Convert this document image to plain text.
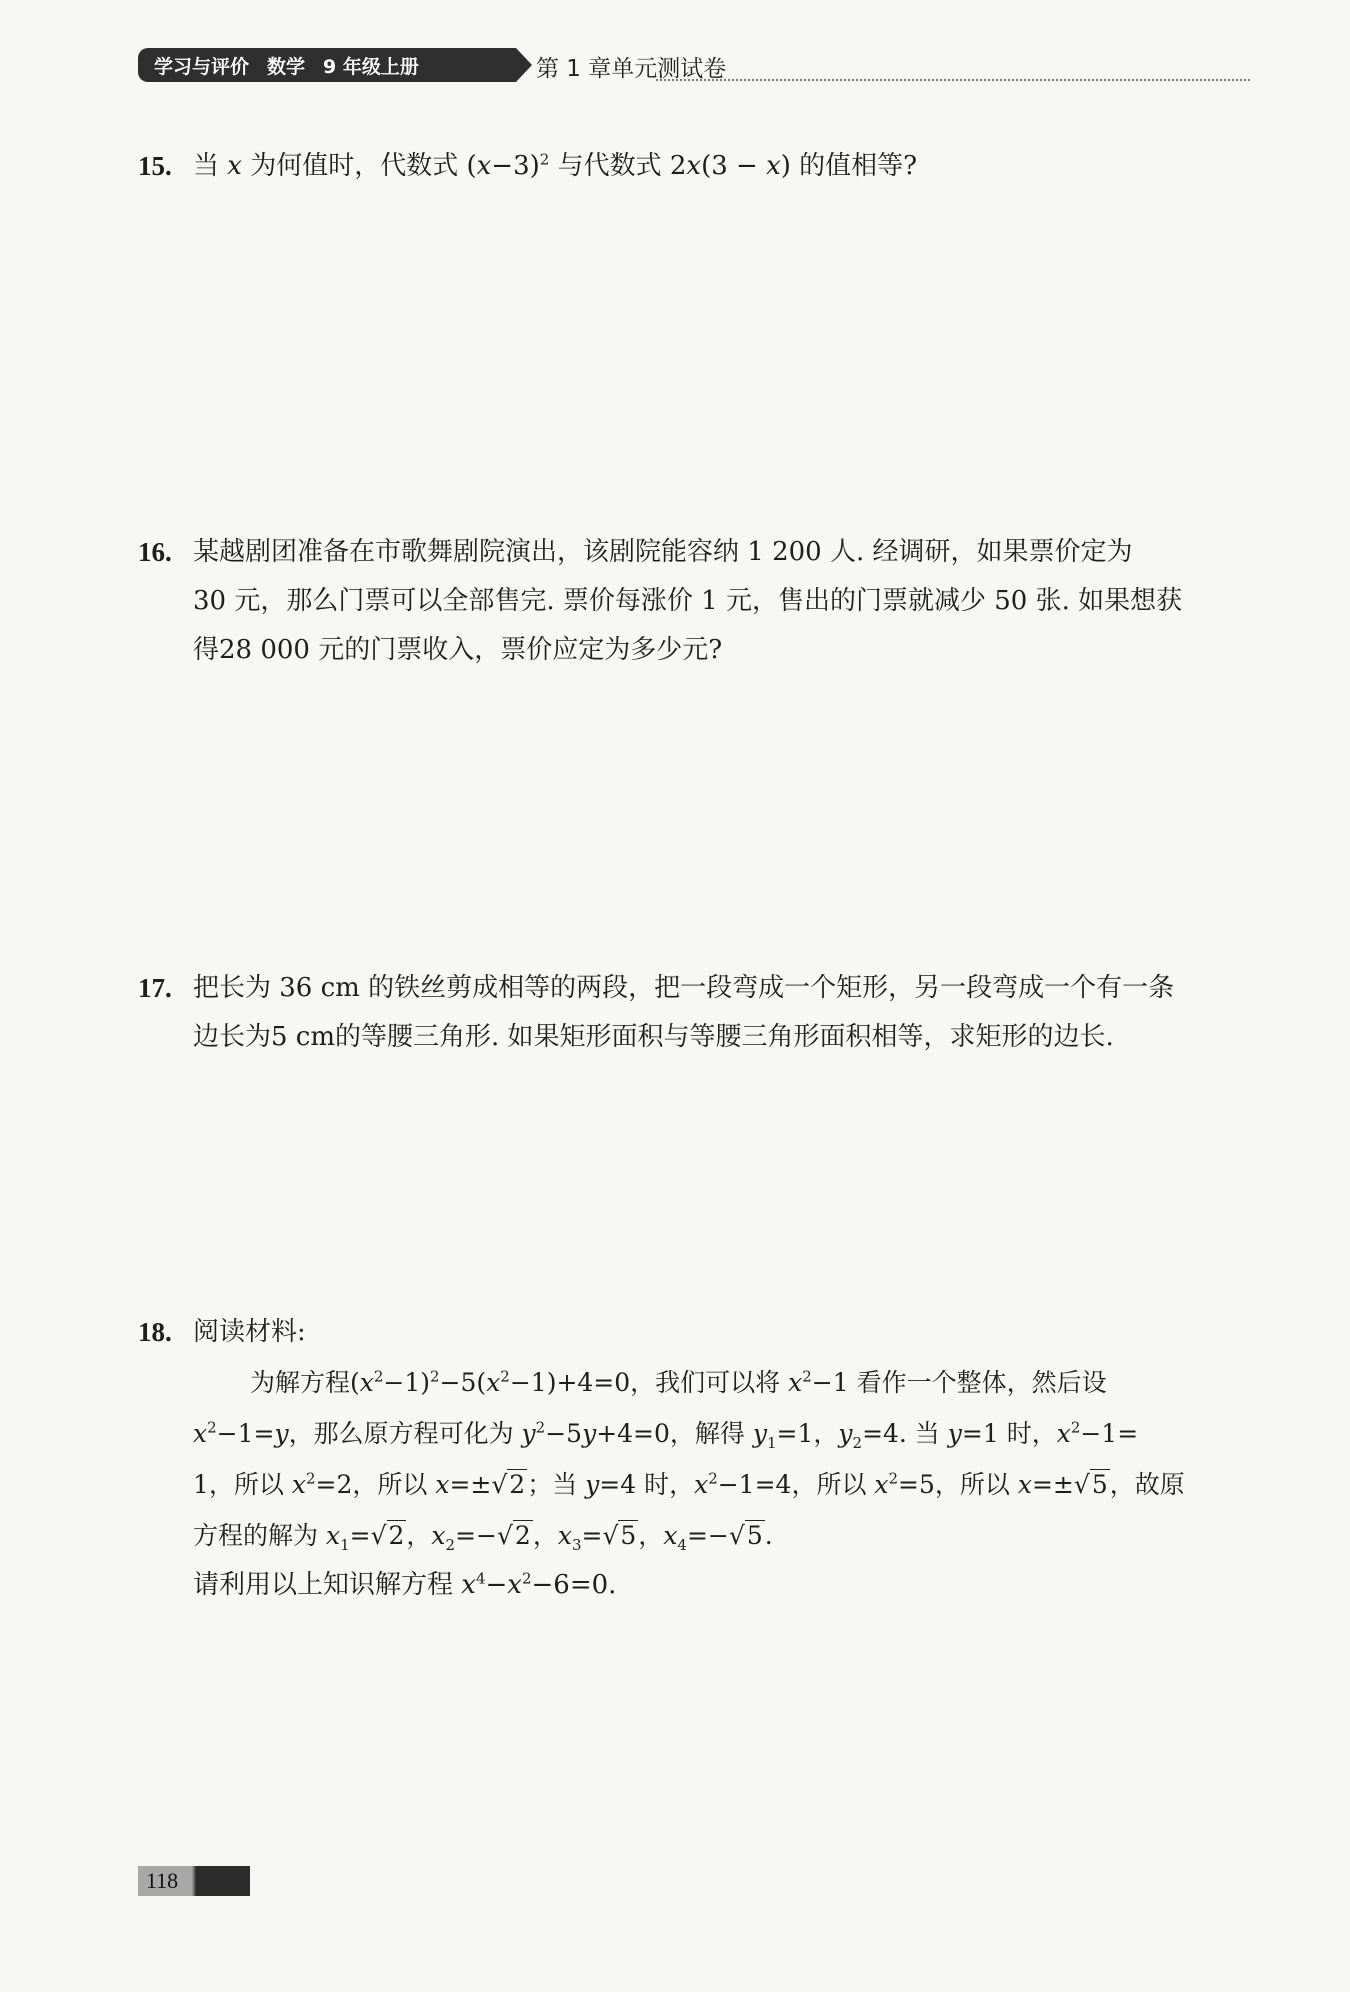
学习与评价 数学 9 年级上册	第 1 章单元测试卷
15. 当 x 为何值时，代数式 $(x-3)^2$ 与代数式 2x(3 − x) 的值相等?
16. 某越剧团准备在市歌舞剧院演出，该剧院能容纳 1 200 人. 经调研，如果票价定为
30 元，那么门票可以全部售完. 票价每涨价 1 元，售出的门票就减少 50 张. 如果想获
得28 000 元的门票收入，票价应定为多少元?
17. 把长为 36 cm 的铁丝剪成相等的两段，把一段弯成一个矩形，另一段弯成一个有一条
边长为5 cm的等腰三角形. 如果矩形面积与等腰三角形面积相等，求矩形的边长.
18. 阅读材料:
为解方程$(x^2-1)^2-5(x^2-1)+4=0$，我们可以将 $x^2-1$ 看作一个整体，然后设
$x^2-1=y$，那么原方程可化为 $y^2-5y+4=0$，解得 $y_1=1$，$y_2=4$. 当 y=1 时，$x^2-1=$
1，所以 $x^2=2$，所以 x=±√2；当 y=4 时，$x^2-1=4$，所以 $x^2=5$，所以 x=±√5，故原
方程的解为 $x_1=√2$，$x_2=-√2$，$x_3=√5$，$x_4=-√5$.
请利用以上知识解方程 $x^4-x^2-6=0$.
118
